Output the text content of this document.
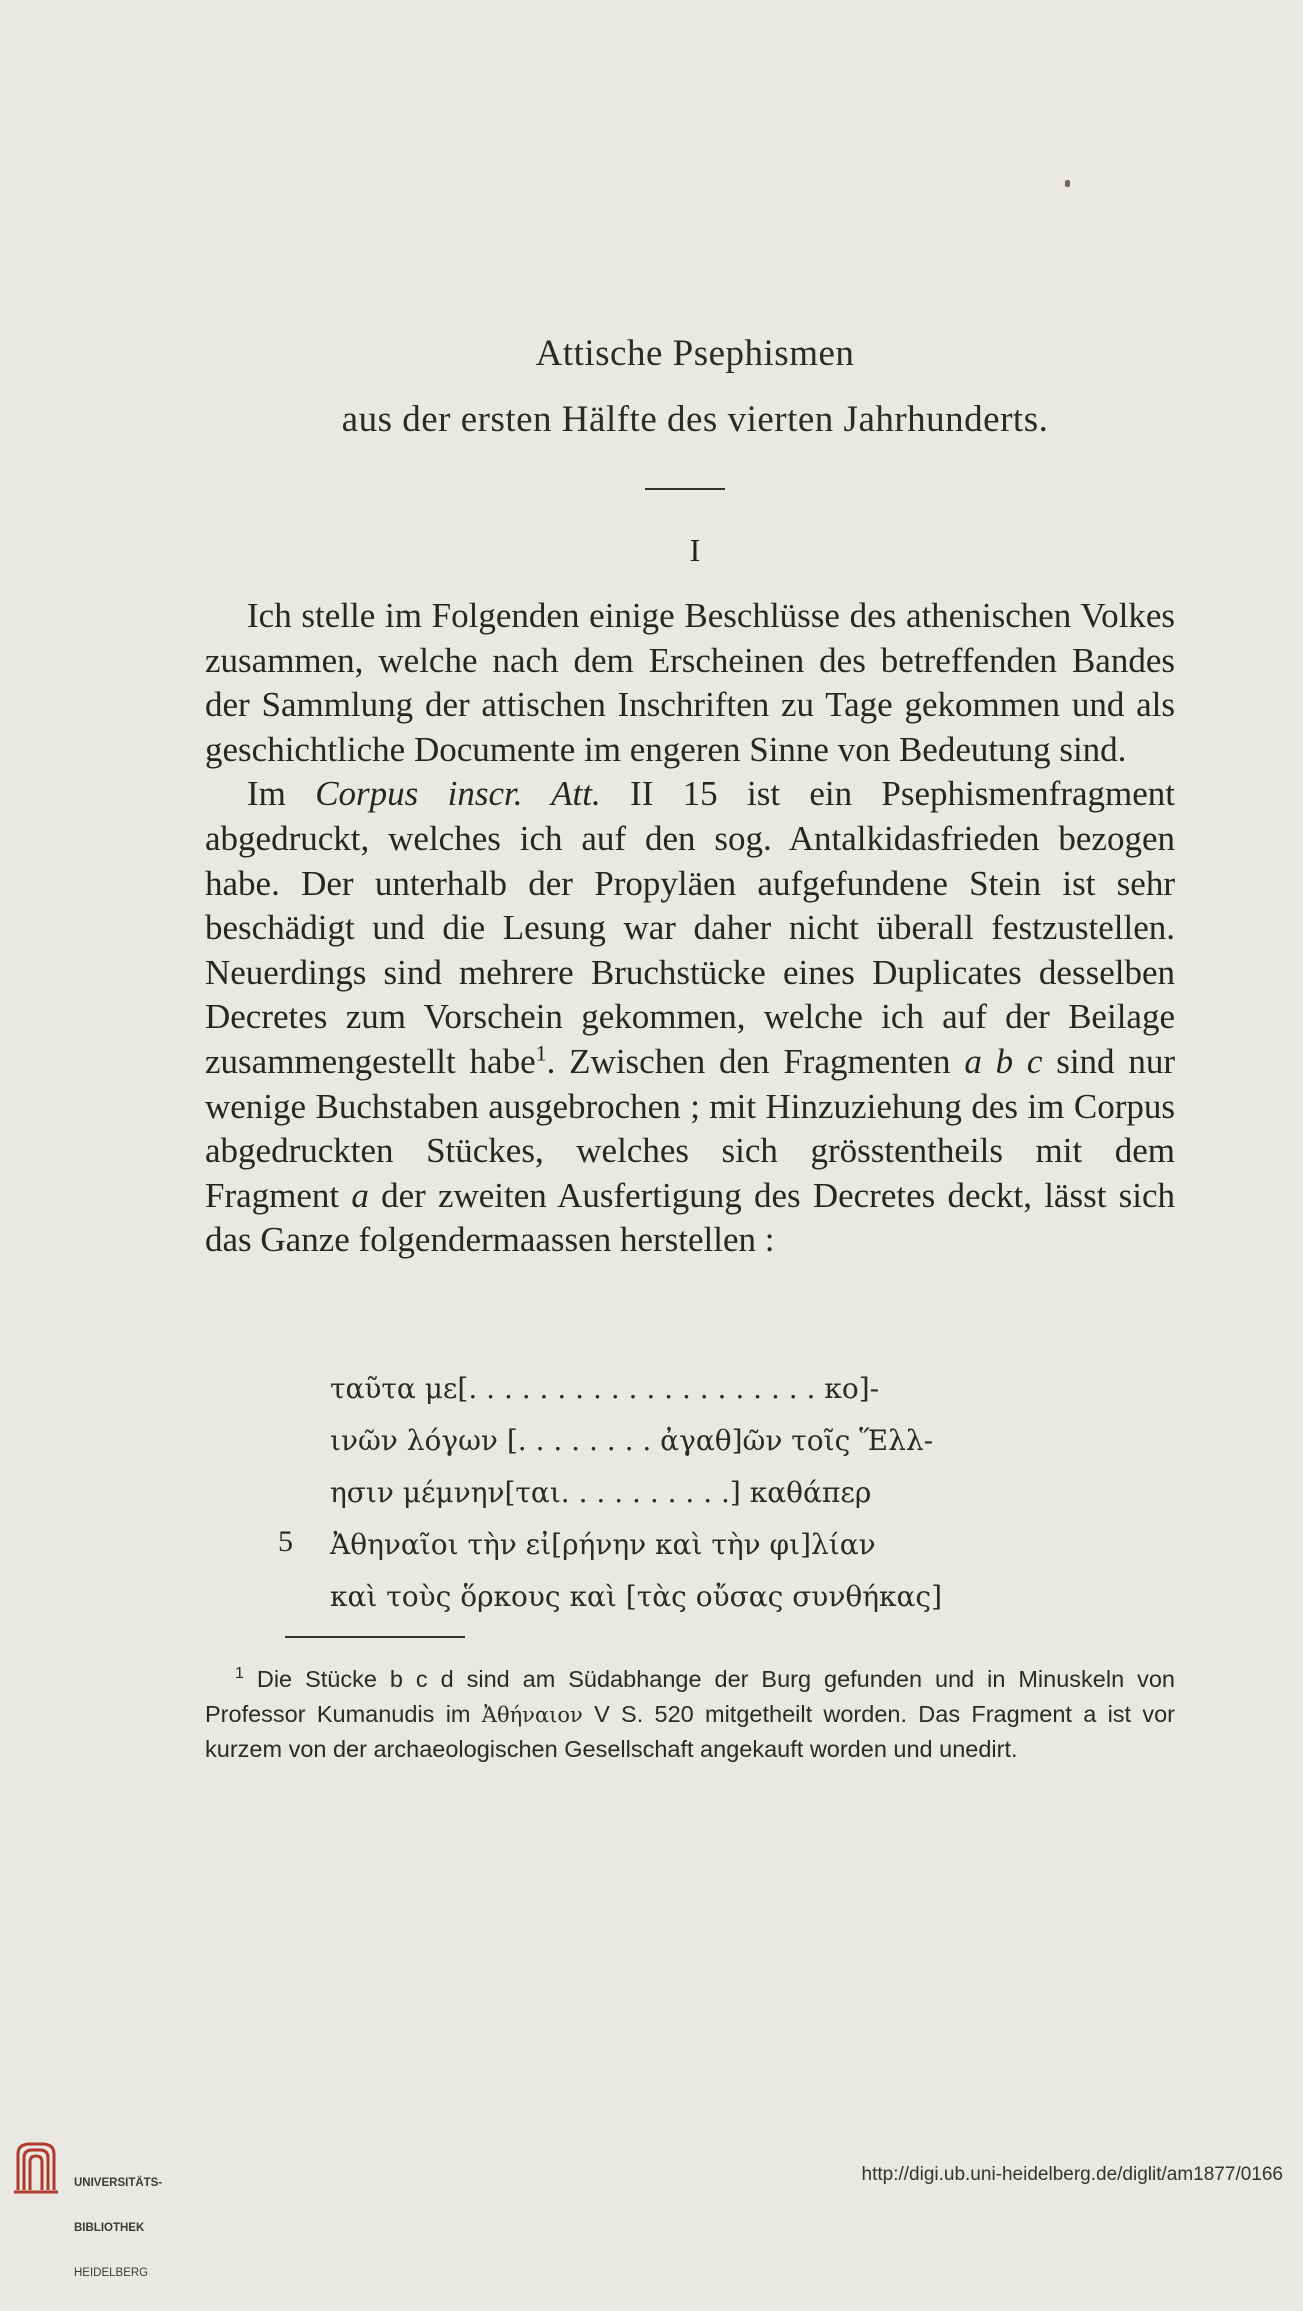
Attische Psephismen
aus der ersten Hälfte des vierten Jahrhunderts.
I

Ich stelle im Folgenden einige Beschlüsse des athenischen Volkes zusammen, welche nach dem Erscheinen des betreffenden Bandes der Sammlung der attischen Inschriften zu Tage gekommen und als geschichtliche Documente im engeren Sinne von Bedeutung sind.

Im Corpus inscr. Att. II 15 ist ein Psephismenfragment abgedruckt, welches ich auf den sog. Antalkidasfrieden bezogen habe. Der unterhalb der Propyläen aufgefundene Stein ist sehr beschädigt und die Lesung war daher nicht überall festzustellen. Neuerdings sind mehrere Bruchstücke eines Duplicates desselben Decretes zum Vorschein gekommen, welche ich auf der Beilage zusammengestellt habe$^1$. Zwischen den Fragmenten a b c sind nur wenige Buchstaben ausgebrochen ; mit Hinzuziehung des im Corpus abgedruckten Stückes, welches sich grösstentheils mit dem Fragment a der zweiten Ausfertigung des Decretes deckt, lässt sich das Ganze folgendermaassen herstellen :

ταῦτα με[. . . . . . . . . . . . . . . . . . . . κο]-
ινῶν λόγων [. . . . . . . . ἀγαθ]ῶν τοῖς Ἕλλ-
ησιν μέμνην[ται. . . . . . . . . .] καθάπερ
5 Ἀθηναῖοι τὴν εἰ[ρήνην καὶ τὴν φι]λίαν
καὶ τοὺς ὅρκους καὶ [τὰς οὔσας συνθήκας]

$^1$ Die Stücke b c d sind am Südabhange der Burg gefunden und in Minuskeln von Professor Kumanudis im Ἀθήναιον V S. 520 mitgetheilt worden. Das Fragment a ist vor kurzem von der archaeologischen Gesellschaft angekauft worden und unedirt.

UNIVERSITÄTS-

BIBLIOTHEK

HEIDELBERG

http://digi.ub.uni-heidelberg.de/diglit/am1877/0166
